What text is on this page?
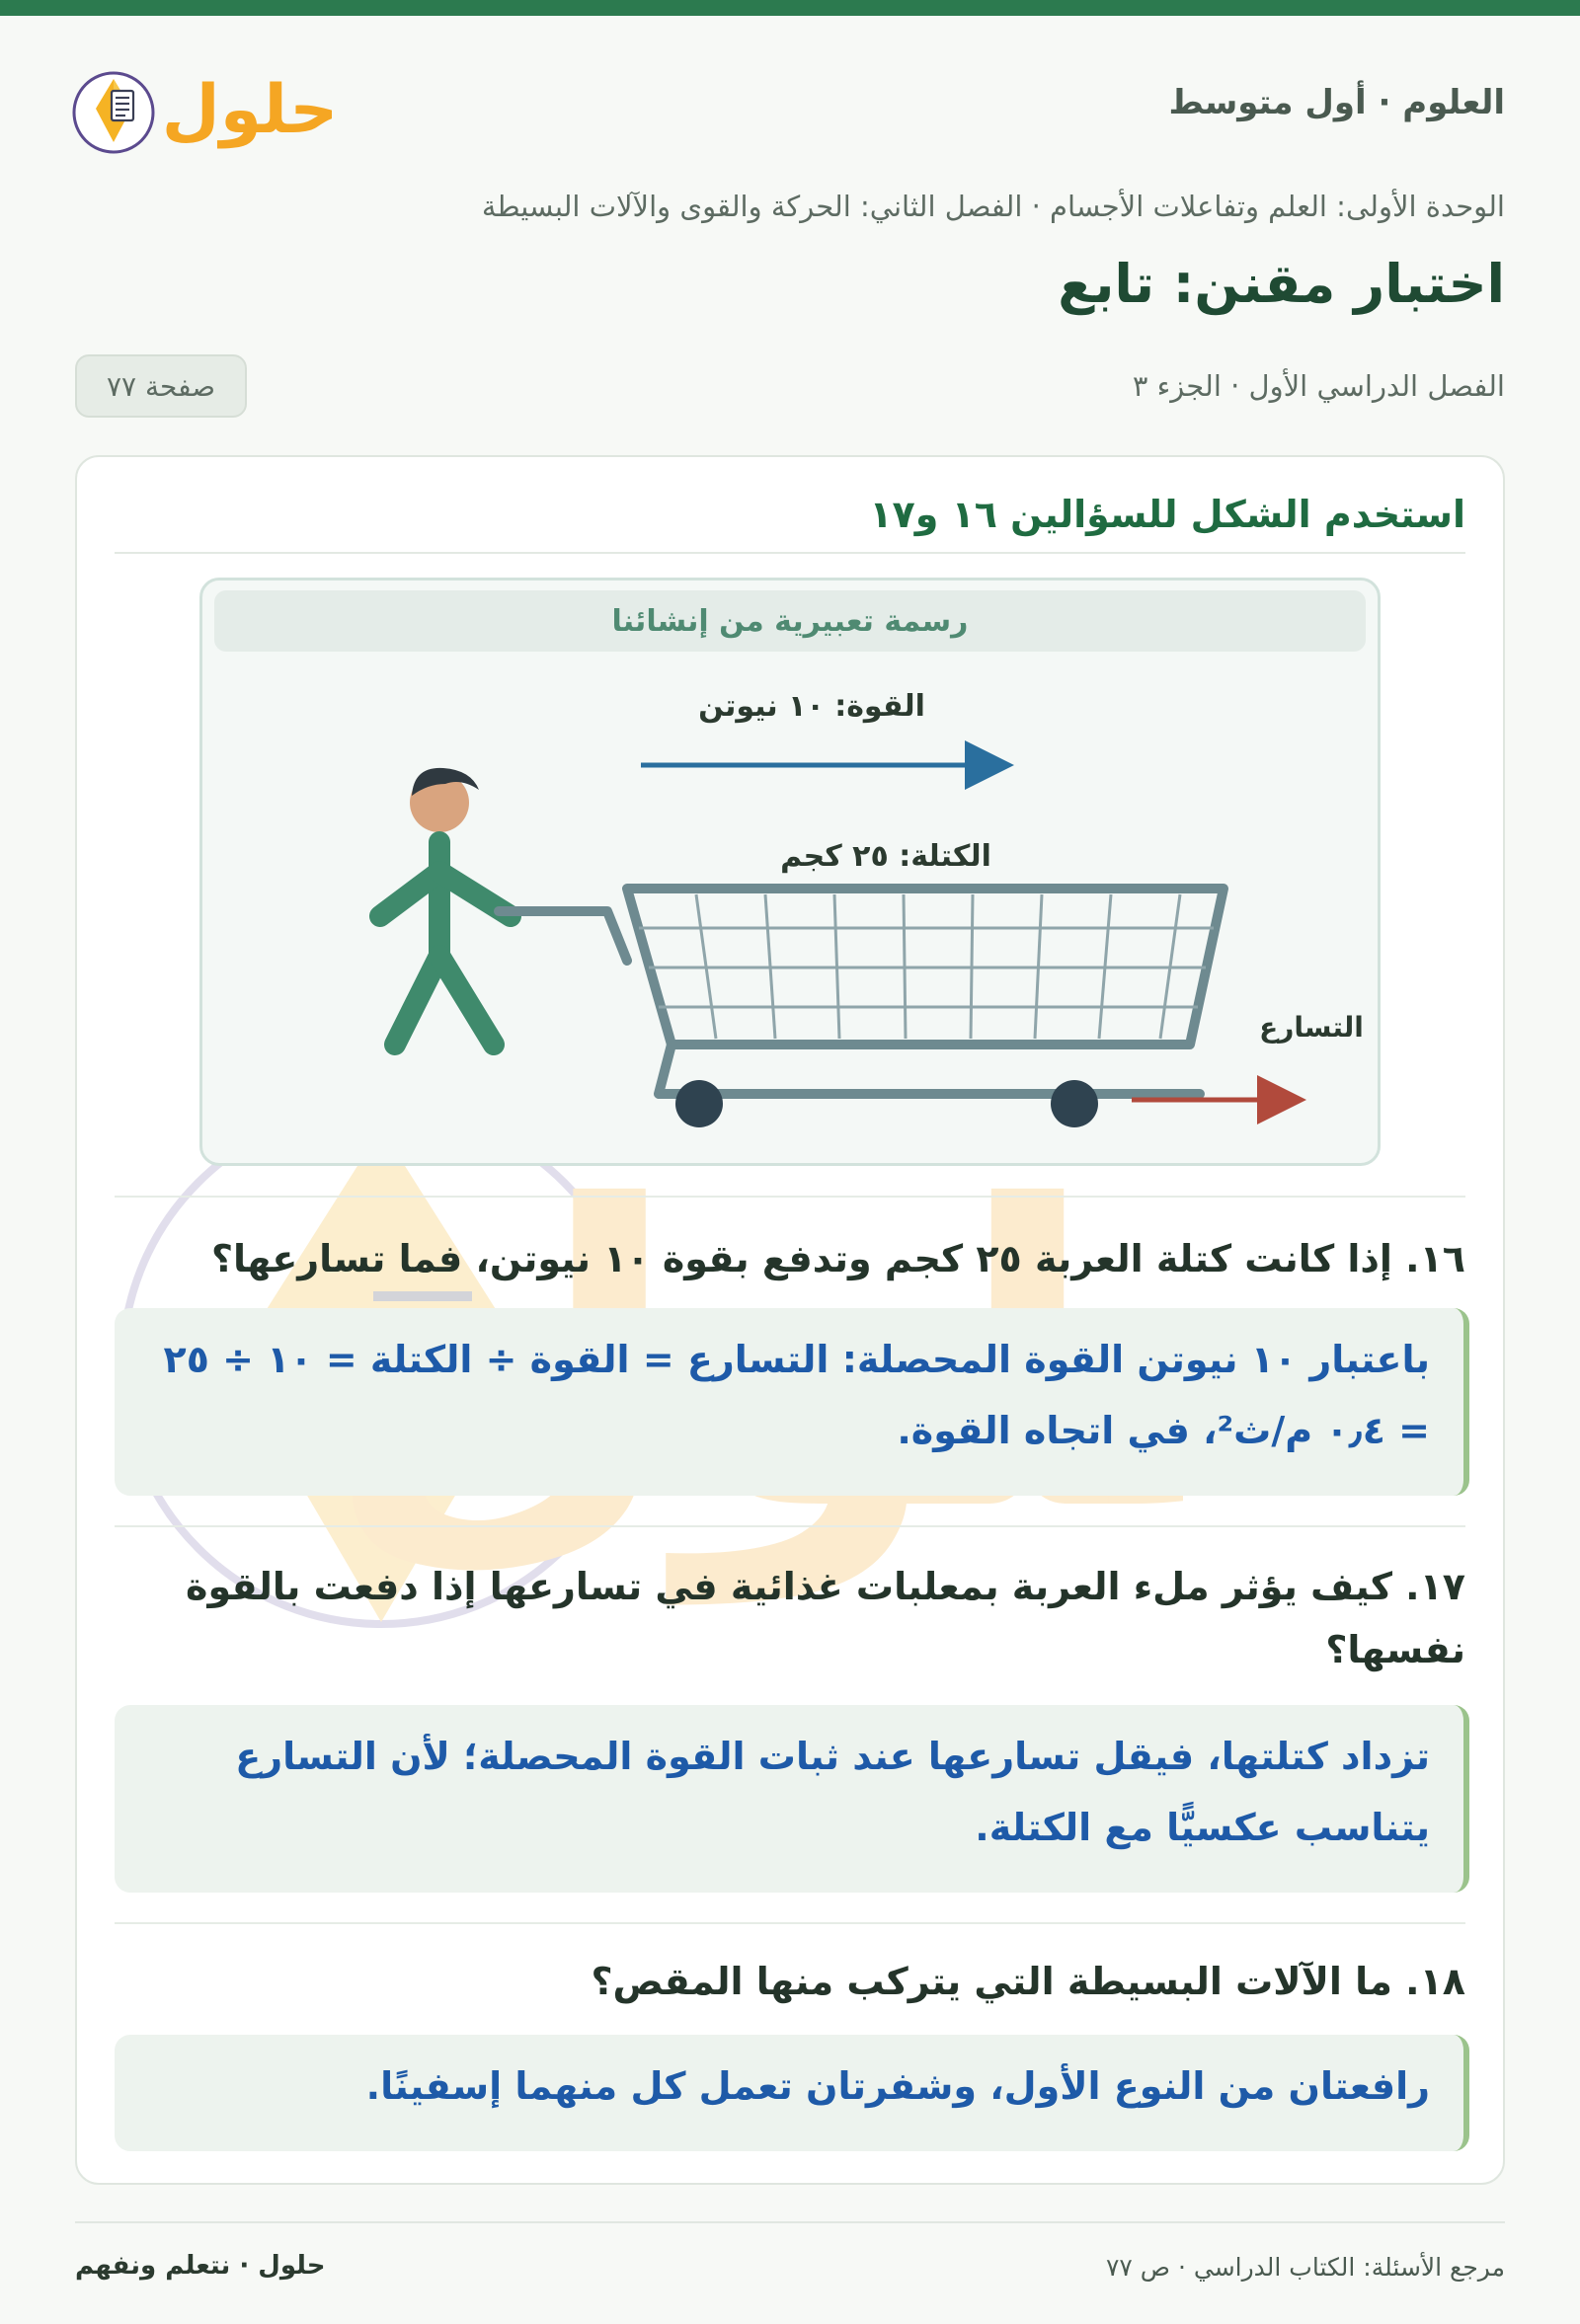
حلول	العلوم · أول متوسط
الوحدة الأولى: العلم وتفاعلات الأجسام · الفصل الثاني: الحركة والقوى والآلات البسيطة
اختبار مقنن: تابع
الفصل الدراسي الأول · الجزء ٣
صفحة ٧٧
استخدم الشكل للسؤالين ١٦ و١٧
رسمة تعبيرية من إنشائنا
القوة: ١٠ نيوتن
الكتلة: ٢٥ كجم
التسارع

١٦. إذا كانت كتلة العربة ٢٥ كجم وتدفع بقوة ١٠ نيوتن، فما تسارعها؟

باعتبار ١٠ نيوتن القوة المحصلة: التسارع = القوة ÷ الكتلة = ١٠ ÷ ٢٥ = ٠٫٤ م/ث²، في اتجاه القوة.

١٧. كيف يؤثر ملء العربة بمعلبات غذائية في تسارعها إذا دفعت بالقوة نفسها؟

تزداد كتلتها، فيقل تسارعها عند ثبات القوة المحصلة؛ لأن التسارع يتناسب عكسيًّا مع الكتلة.

١٨. ما الآلات البسيطة التي يتركب منها المقص؟

رافعتان من النوع الأول، وشفرتان تعمل كل منهما إسفينًا.
مرجع الأسئلة: الكتاب الدراسي · ص ٧٧
حلول · نتعلم ونفهم
